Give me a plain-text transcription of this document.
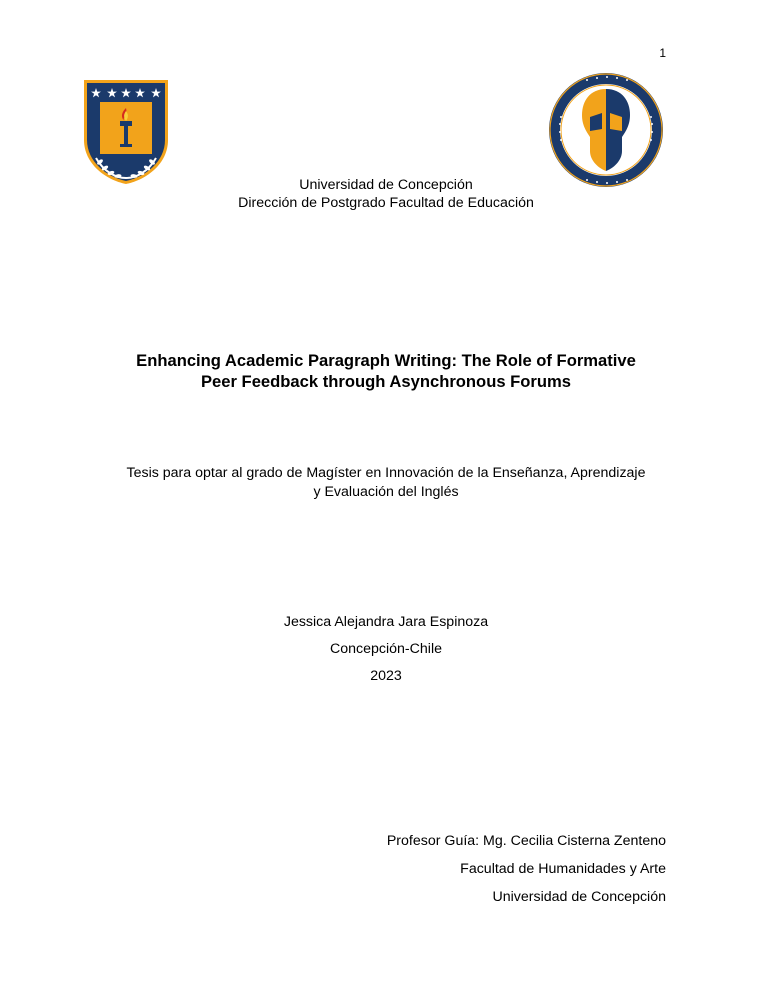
1
Universidad de Concepción
Dirección de Postgrado Facultad de Educación
Enhancing Academic Paragraph Writing: The Role of Formative
Peer Feedback through Asynchronous Forums
Tesis para optar al grado de Magíster en Innovación de la Enseñanza, Aprendizaje
y Evaluación del Inglés
Jessica Alejandra Jara Espinoza
Concepción-Chile
2023
Profesor Guía: Mg. Cecilia Cisterna Zenteno
Facultad de Humanidades y Arte
Universidad de Concepción
